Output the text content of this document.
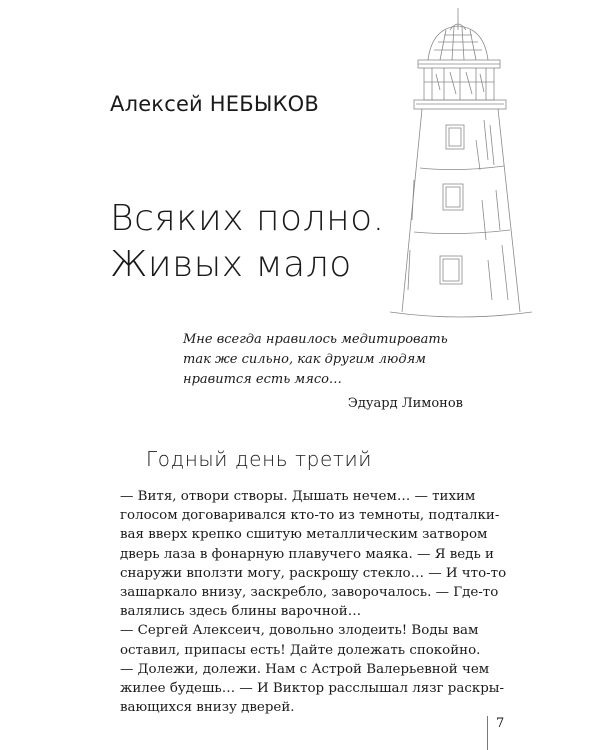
Алексей НЕБЫКОВ
Всяких полно.
Живых мало
Мне всегда нравилось медитировать
так же сильно, как другим людям
нравится есть мясо…
Эдуард Лимонов
Годный день третий
— Витя, отвори створы. Дышать нечем… — тихим
голосом договаривался кто-то из темноты, подталки-
вая вверх крепко сшитую металлическим затвором
дверь лаза в фонарную плавучего маяка. — Я ведь и
снаружи вползти могу, раскрошу стекло… — И что-то
зашаркало внизу, заскребло, заворочалось. — Где-то
валялись здесь блины варочной…
— Сергей Алексеич, довольно злодеить! Воды вам
оставил, припасы есть! Дайте долежать спокойно.
— Долежи, долежи. Нам с Астрой Валерьевной чем
жилее будешь… — И Виктор расслышал лязг раскры-
вающихся внизу дверей.
7
